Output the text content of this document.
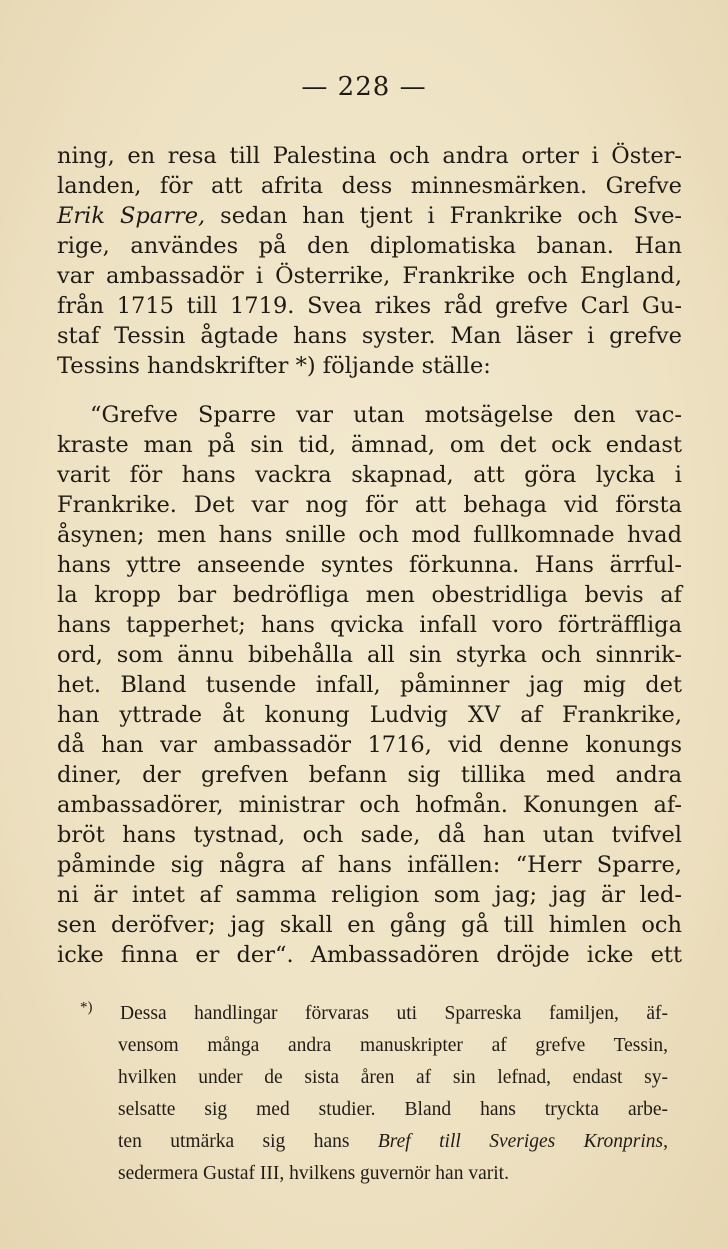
— 228 —
ning, en resa till Palestina och andra orter i Öster-
landen, för att afrita dess minnesmärken. Grefve
Erik Sparre, sedan han tjent i Frankrike och Sve-
rige, användes på den diplomatiska banan. Han
var ambassadör i Österrike, Frankrike och England,
från 1715 till 1719. Svea rikes råd grefve Carl Gu-
staf Tessin ågtade hans syster. Man läser i grefve
Tessins handskrifter *) följande ställe:
“Grefve Sparre var utan motsägelse den vac-
kraste man på sin tid, ämnad, om det ock endast
varit för hans vackra skapnad, att göra lycka i
Frankrike. Det var nog för att behaga vid första
åsynen; men hans snille och mod fullkomnade hvad
hans yttre anseende syntes förkunna. Hans ärrful-
la kropp bar bedröfliga men obestridliga bevis af
hans tapperhet; hans qvicka infall voro förträffliga
ord, som ännu bibehålla all sin styrka och sinnrik-
het. Bland tusende infall, påminner jag mig det
han yttrade åt konung Ludvig XV af Frankrike,
då han var ambassadör 1716, vid denne konungs
diner, der grefven befann sig tillika med andra
ambassadörer, ministrar och hofmån. Konungen af-
bröt hans tystnad, och sade, då han utan tvifvel
påminde sig några af hans infällen: “Herr Sparre,
ni är intet af samma religion som jag; jag är led-
sen deröfver; jag skall en gång gå till himlen och
icke finna er der“. Ambassadören dröjde icke ett
*) Dessa handlingar förvaras uti Sparreska familjen, äf-
vensom många andra manuskripter af grefve Tessin,
hvilken under de sista åren af sin lefnad, endast sy-
selsatte sig med studier. Bland hans tryckta arbe-
ten utmärka sig hans Bref till Sveriges Kronprins,
sedermera Gustaf III, hvilkens guvernör han varit.
